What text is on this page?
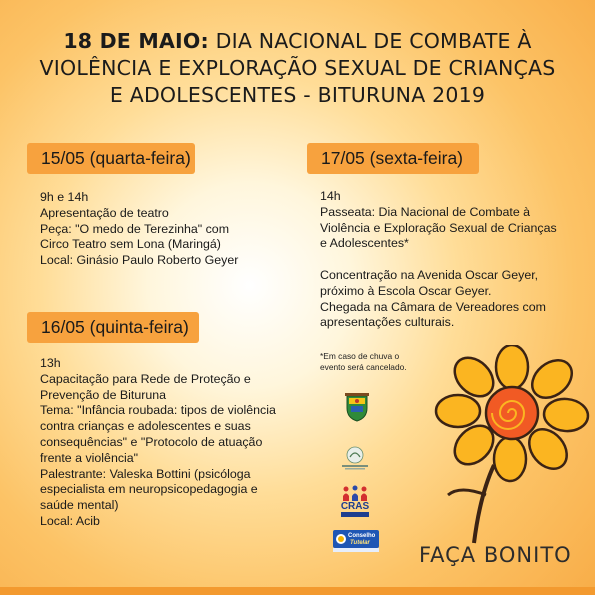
18 DE MAIO: DIA NACIONAL DE COMBATE À
VIOLÊNCIA E EXPLORAÇÃO SEXUAL DE CRIANÇAS
E ADOLESCENTES - BITURUNA 2019
15/05 (quarta-feira)
9h e 14h
Apresentação de teatro
Peça: "O medo de Terezinha" com
Circo Teatro sem Lona (Maringá)
Local: Ginásio Paulo Roberto Geyer
16/05 (quinta-feira)
13h
Capacitação para Rede de Proteção e
Prevenção de Bituruna
Tema: "Infância roubada: tipos de violência
contra crianças e adolescentes e suas
consequências" e "Protocolo de atuação
frente a violência"
Palestrante: Valeska Bottini (psicóloga
especialista em neuropsicopedagogia e
saúde mental)
Local: Acib
17/05 (sexta-feira)
14h
Passeata: Dia Nacional de Combate à
Violência e Exploração Sexual de Crianças
e Adolescentes*
Concentração na Avenida Oscar Geyer,
próximo à Escola Oscar Geyer.
Chegada na Câmara de Vereadores com
apresentações culturais.
*Em caso de chuva o
evento será cancelado.
CRAS
Conselho
Tutelar	FAÇA BONITO
